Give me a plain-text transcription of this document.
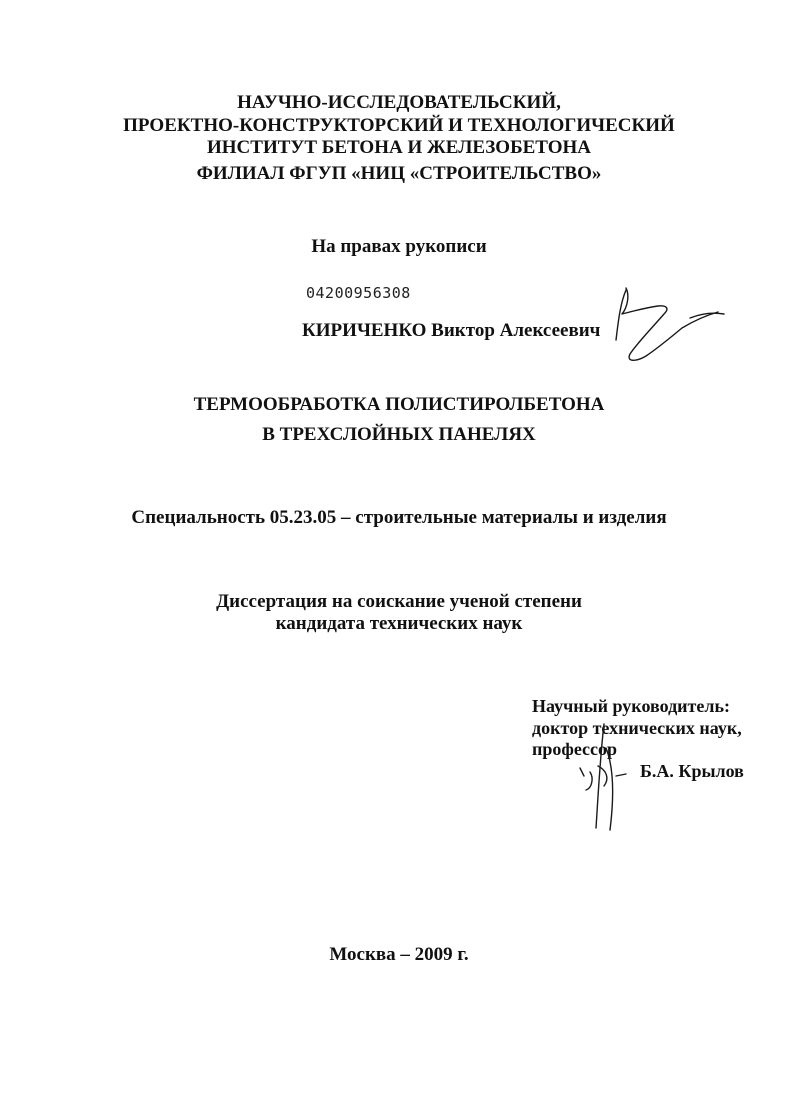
НАУЧНО-ИССЛЕДОВАТЕЛЬСКИЙ,
ПРОЕКТНО-КОНСТРУКТОРСКИЙ И ТЕХНОЛОГИЧЕСКИЙ
ИНСТИТУТ БЕТОНА И ЖЕЛЕЗОБЕТОНА
ФИЛИАЛ ФГУП «НИЦ «СТРОИТЕЛЬСТВО»
На правах рукописи
04200956308
КИРИЧЕНКО Виктор Алексеевич
ТЕРМООБРАБОТКА ПОЛИСТИРОЛБЕТОНА
В ТРЕХСЛОЙНЫХ ПАНЕЛЯХ
Специальность 05.23.05 – строительные материалы и изделия
Диссертация на соискание ученой степени
кандидата технических наук
Научный руководитель:
доктор технических наук,
профессор
Б.А. Крылов
Москва – 2009 г.
